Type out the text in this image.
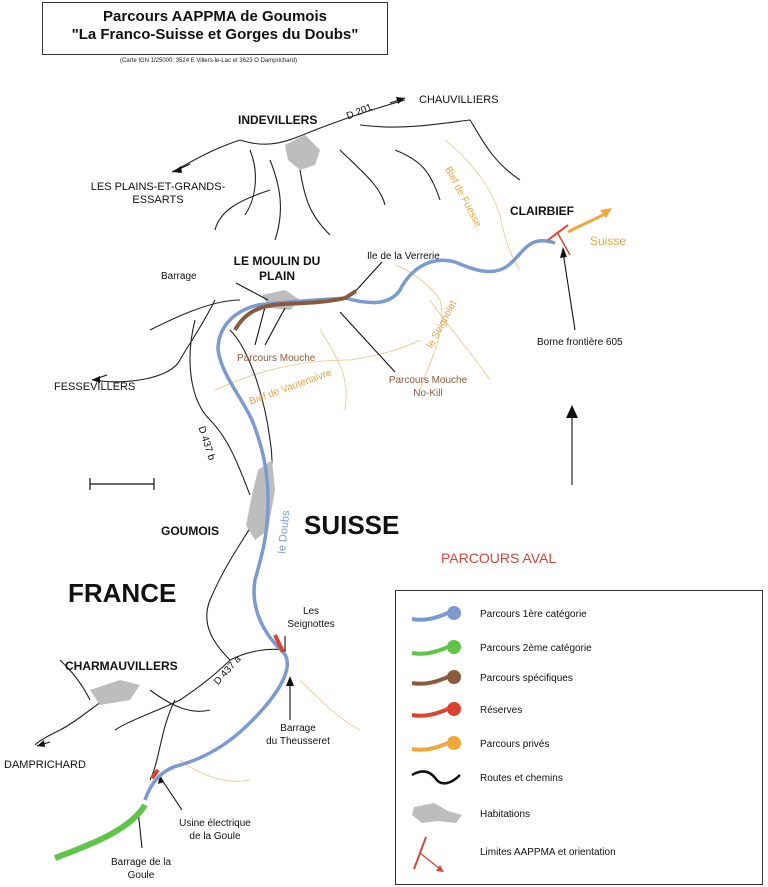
Parcours AAPPMA de Goumois
"La Franco-Suisse et Gorges du Doubs"
(Carte IGN 1/25000: 3524 E Villers-le-Lac et 3623 O Damprichard)
INDEVILLERS
CHAUVILLIERS
LES PLAINS-ET-GRANDS-
ESSARTS
CLAIRBIEF
LE MOULIN DU
PLAIN
FESSEVILLERS
GOUMOIS	SUISSE
FRANCE
CHARMAUVILLERS
DAMPRICHARD
D 201
D 437 b
D 437 a
Bief de Fuesse
le Seignolet
Bief de Vautenaivre
le Doubs
Ile de la Verrerie
Barrage
Suisse
Parcours Mouche
Parcours Mouche
No-Kill
Borne frontière 605
Les
Seignottes
Barrage
du Theusseret
Usine électrique
de la Goule
Barrage de la
Goule
PARCOURS AVAL
Parcours 1ère catégorie
Parcours 2ème catégorie
Parcours spécifiques
Réserves
Parcours privés
Routes et chemins
Habitations
Limites AAPPMA et orientation
